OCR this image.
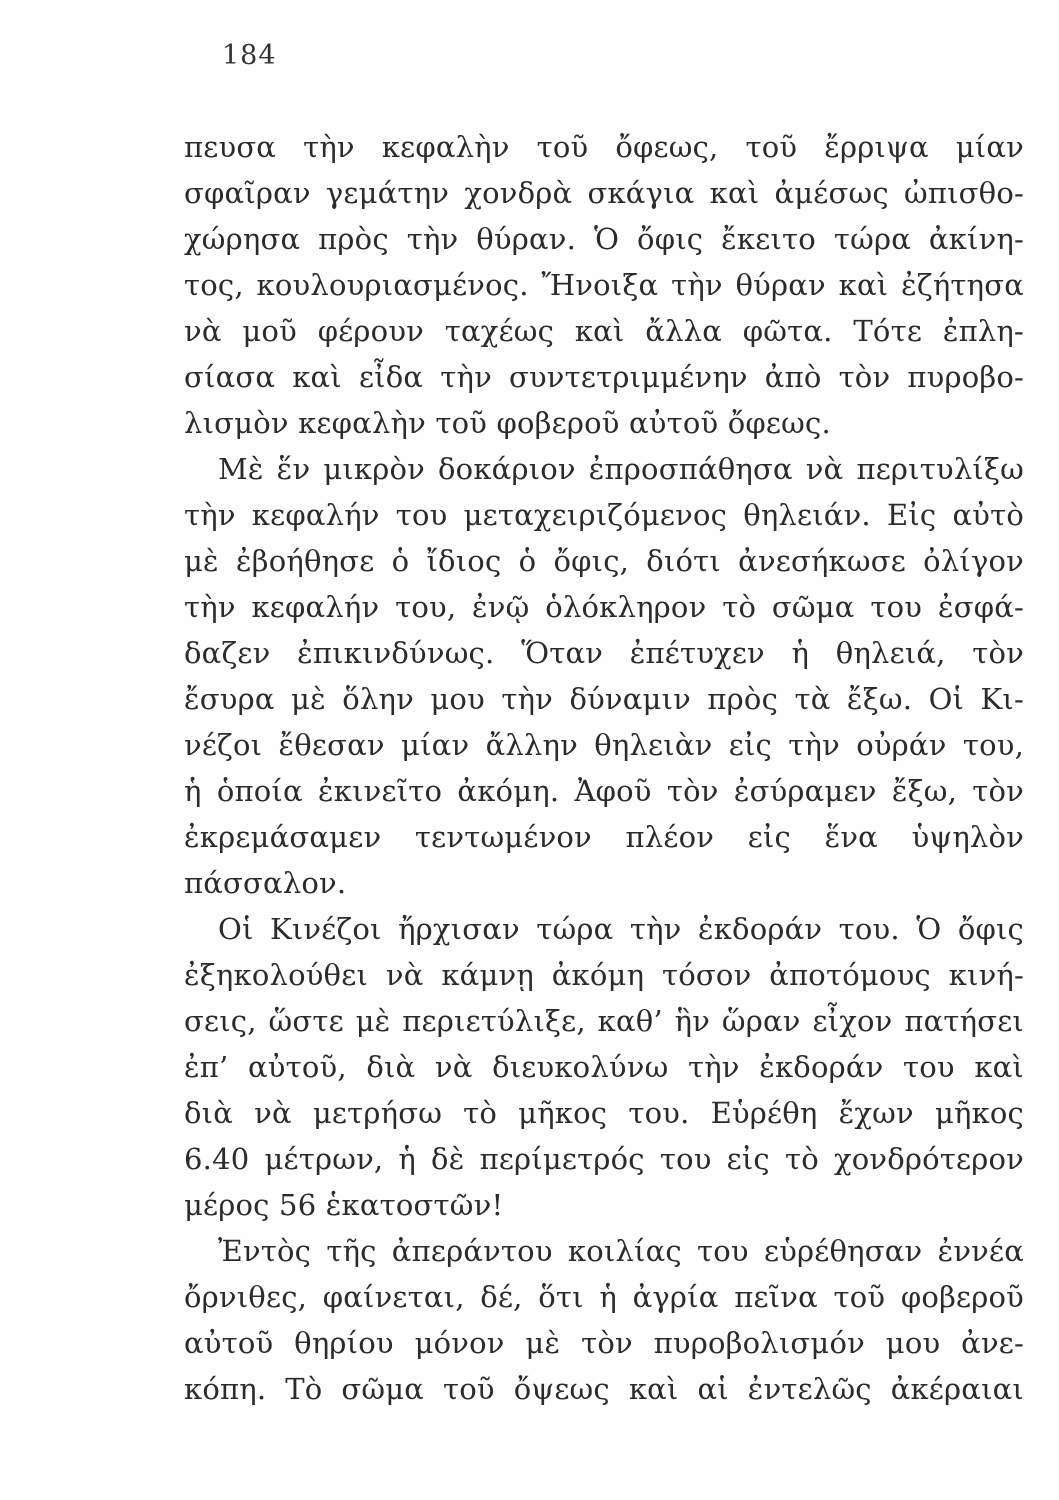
184
πευσα τὴν κεφαλὴν τοῦ ὄφεως, τοῦ ἔρριψα μίαν
σφαῖραν γεμάτην χονδρὰ σκάγια καὶ ἀμέσως ὠπισθο-
χώρησα πρὸς τὴν θύραν. Ὁ ὄφις ἔκειτο τώρα ἀκίνη-
τος, κουλουριασμένος. Ἤνοιξα τὴν θύραν καὶ ἐζήτησα
νὰ μοῦ φέρουν ταχέως καὶ ἄλλα φῶτα. Τότε ἐπλη-
σίασα καὶ εἶδα τὴν συντετριμμένην ἀπὸ τὸν πυροβο-
λισμὸν κεφαλὴν τοῦ φοβεροῦ αὐτοῦ ὄφεως.
Μὲ ἕν μικρὸν δοκάριον ἐπροσπάθησα νὰ περιτυλίξω
τὴν κεφαλήν του μεταχειριζόμενος θηλειάν. Εἰς αὐτὸ
μὲ ἐβοήθησε ὁ ἴδιος ὁ ὄφις, διότι ἀνεσήκωσε ὀλίγον
τὴν κεφαλήν του, ἐνῷ ὁλόκληρον τὸ σῶμα του ἐσφά-
δαζεν ἐπικινδύνως. Ὅταν ἐπέτυχεν ἡ θηλειά, τὸν
ἔσυρα μὲ ὅλην μου τὴν δύναμιν πρὸς τὰ ἔξω. Οἱ Κι-
νέζοι ἔθεσαν μίαν ἄλλην θηλειὰν εἰς τὴν οὐράν του,
ἡ ὁποία ἐκινεῖτο ἀκόμη. Ἀφοῦ τὸν ἐσύραμεν ἔξω, τὸν
ἐκρεμάσαμεν τεντωμένον πλέον εἰς ἕνα ὑψηλὸν
πάσσαλον.
Οἱ Κινέζοι ἤρχισαν τώρα τὴν ἐκδοράν του. Ὁ ὄφις
ἐξηκολούθει νὰ κάμνῃ ἀκόμη τόσον ἀποτόμους κινή-
σεις, ὥστε μὲ περιετύλιξε, καθ’ ἣν ὥραν εἶχον πατήσει
ἐπ’ αὐτοῦ, διὰ νὰ διευκολύνω τὴν ἐκδοράν του καὶ
διὰ νὰ μετρήσω τὸ μῆκος του. Εὑρέθη ἔχων μῆκος
6.40 μέτρων, ἡ δὲ περίμετρός του εἰς τὸ χονδρότερον
μέρος 56 ἑκατοστῶν!
Ἐντὸς τῆς ἀπεράντου κοιλίας του εὑρέθησαν ἐννέα
ὄρνιθες, φαίνεται, δέ, ὅτι ἡ ἀγρία πεῖνα τοῦ φοβεροῦ
αὐτοῦ θηρίου μόνον μὲ τὸν πυροβολισμόν μου ἀνε-
κόπη. Τὸ σῶμα τοῦ ὄψεως καὶ αἱ ἐντελῶς ἀκέραιαι
